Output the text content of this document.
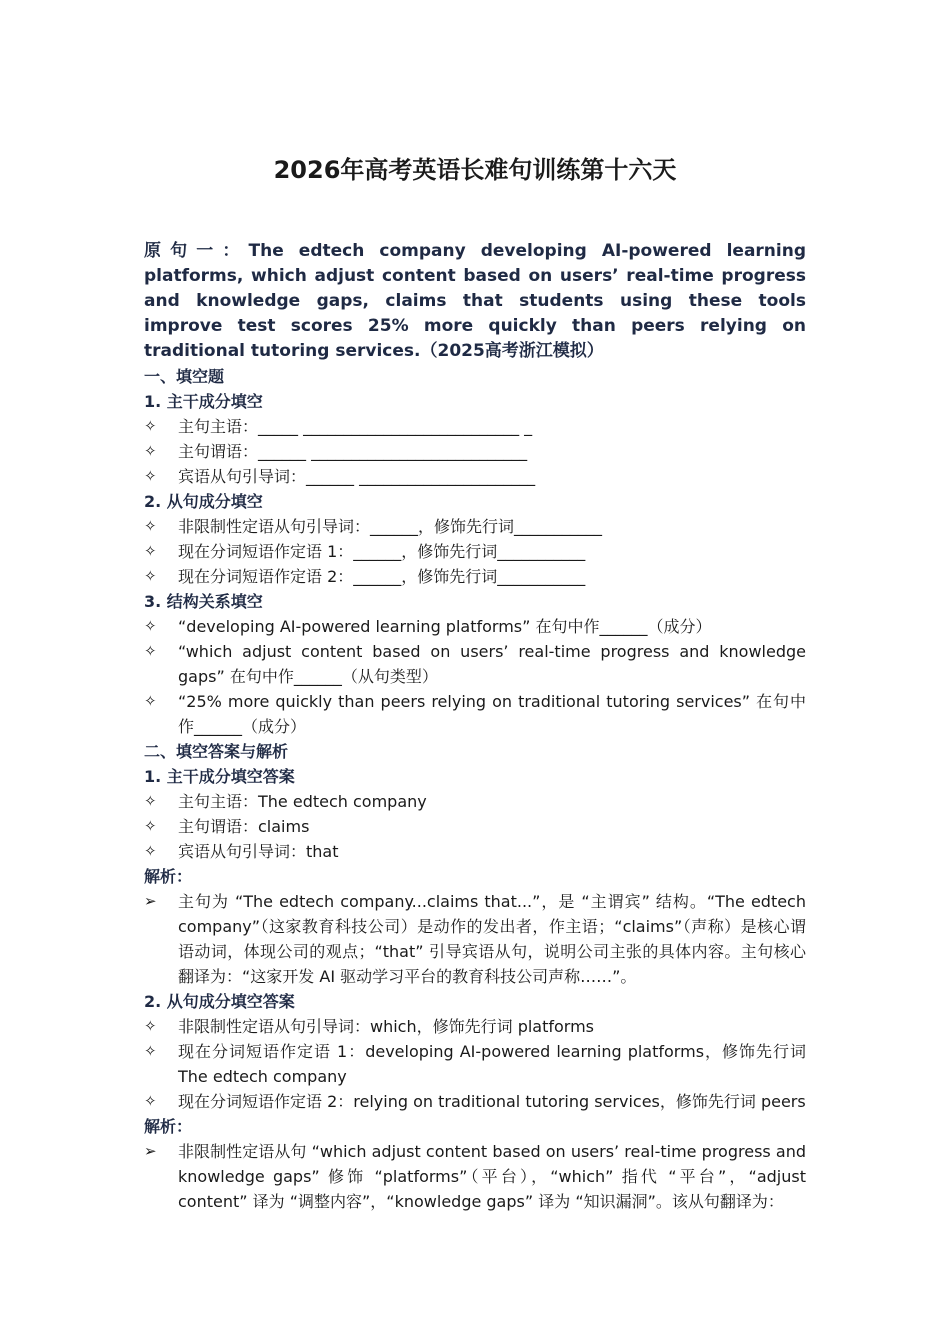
2026年高考英语长难句训练第十六天

原句一：The edtech company developing AI-powered learning platforms, which adjust content based on users’ real-time progress and knowledge gaps, claims that students using these tools improve test scores 25% more quickly than peers relying on traditional tutoring services.（2025高考浙江模拟）

一、填空题

1. 主干成分填空

✧	主句主语：_____ ___________________________ _
✧	主句谓语：______ ___________________________
✧	宾语从句引导词：______ ______________________

2. 从句成分填空

✧	非限制性定语从句引导词：______，修饰先行词___________
✧	现在分词短语作定语 1：______，修饰先行词___________
✧	现在分词短语作定语 2：______，修饰先行词___________

3. 结构关系填空

✧	“developing AI-powered learning platforms” 在句中作______（成分）
✧	“which adjust content based on users’ real-time progress and knowledge gaps” 在句中作______（从句类型）
✧	“25% more quickly than peers relying on traditional tutoring services” 在句中作______（成分）

二、填空答案与解析

1. 主干成分填空答案

✧	主句主语：The edtech company
✧	主句谓语：claims
✧	宾语从句引导词：that

解析：

➢	主句为 “The edtech company...claims that...”，是 “主谓宾” 结构。“The edtech company”（这家教育科技公司）是动作的发出者，作主语；“claims”（声称）是核心谓语动词，体现公司的观点；“that” 引导宾语从句，说明公司主张的具体内容。主句核心翻译为：“这家开发 AI 驱动学习平台的教育科技公司声称……”。

2. 从句成分填空答案

✧	非限制性定语从句引导词：which，修饰先行词 platforms
✧	现在分词短语作定语 1：developing AI-powered learning platforms，修饰先行词 The edtech company
✧	现在分词短语作定语 2：relying on traditional tutoring services，修饰先行词 peers

解析：

➢	非限制性定语从句 “which adjust content based on users’ real-time progress and knowledge gaps” 修饰 “platforms”（平台），“which” 指代 “平台”，“adjust content” 译为 “调整内容”，“knowledge gaps” 译为 “知识漏洞”。该从句翻译为：
